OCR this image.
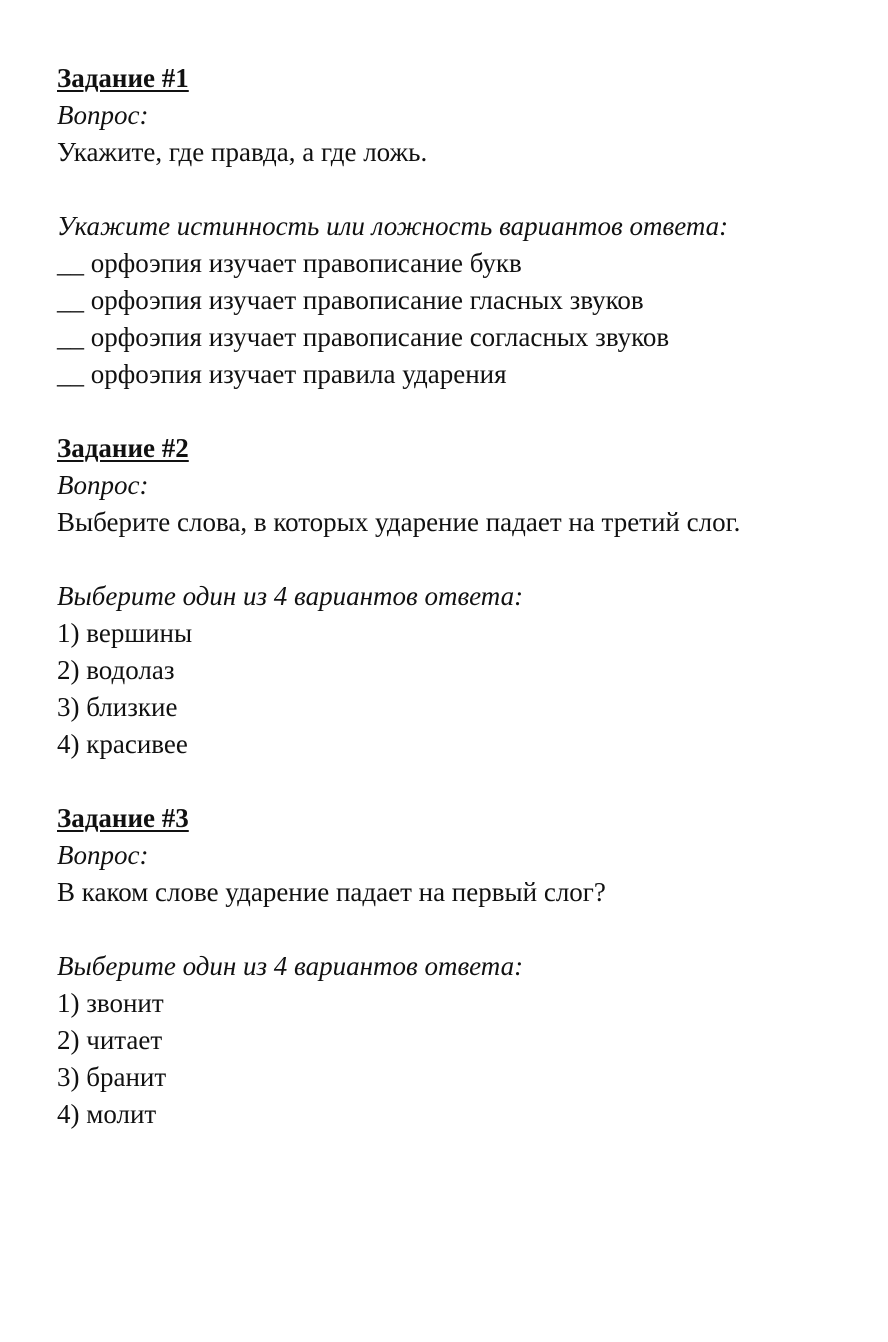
Задание #1
Вопрос:
Укажите, где правда, а где ложь.
Укажите истинность или ложность вариантов ответа:
__ орфоэпия изучает правописание букв
__ орфоэпия изучает правописание гласных звуков
__ орфоэпия изучает правописание согласных звуков
__ орфоэпия изучает правила ударения
Задание #2
Вопрос:
Выберите слова, в которых ударение падает на третий слог.
Выберите один из 4 вариантов ответа:
1) вершины
2) водолаз
3) близкие
4) красивее
Задание #3
Вопрос:
В каком слове ударение падает на первый слог?
Выберите один из 4 вариантов ответа:
1) звонит
2) читает
3) бранит
4) молит
